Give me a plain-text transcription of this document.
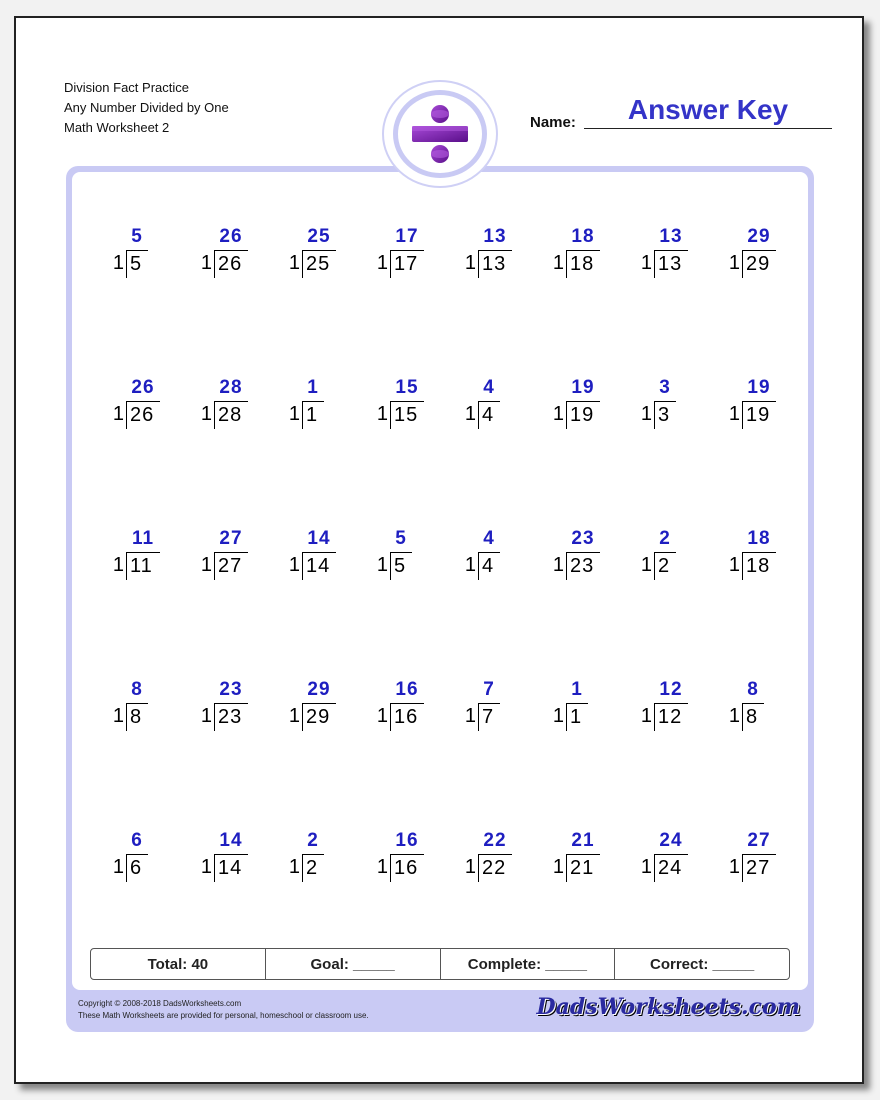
Division Fact Practice
Any Number Divided by One
Math Worksheet 2	Name:	Answer Key
5
1 5
26
1 26
25
1 25
17
1 17
13
1 13
18
1 18
13
1 13
29
1 29
26
1 26
28
1 28
1
1 1
15
1 15
4
1 4
19
1 19
3
1 3
19
1 19
11
1 11
27
1 27
14
1 14
5
1 5
4
1 4
23
1 23
2
1 2
18
1 18
8
1 8
23
1 23
29
1 29
16
1 16
7
1 7
1
1 1
12
1 12
8
1 8
6
1 6
14
1 14
2
1 2
16
1 16
22
1 22
21
1 21
24
1 24
27
1 27
Total: 40	Goal: _____	Complete: _____	Correct: _____
Copyright © 2008-2018 DadsWorksheets.com
These Math Worksheets are provided for personal, homeschool or classroom use.	DadsWorksheets.com
